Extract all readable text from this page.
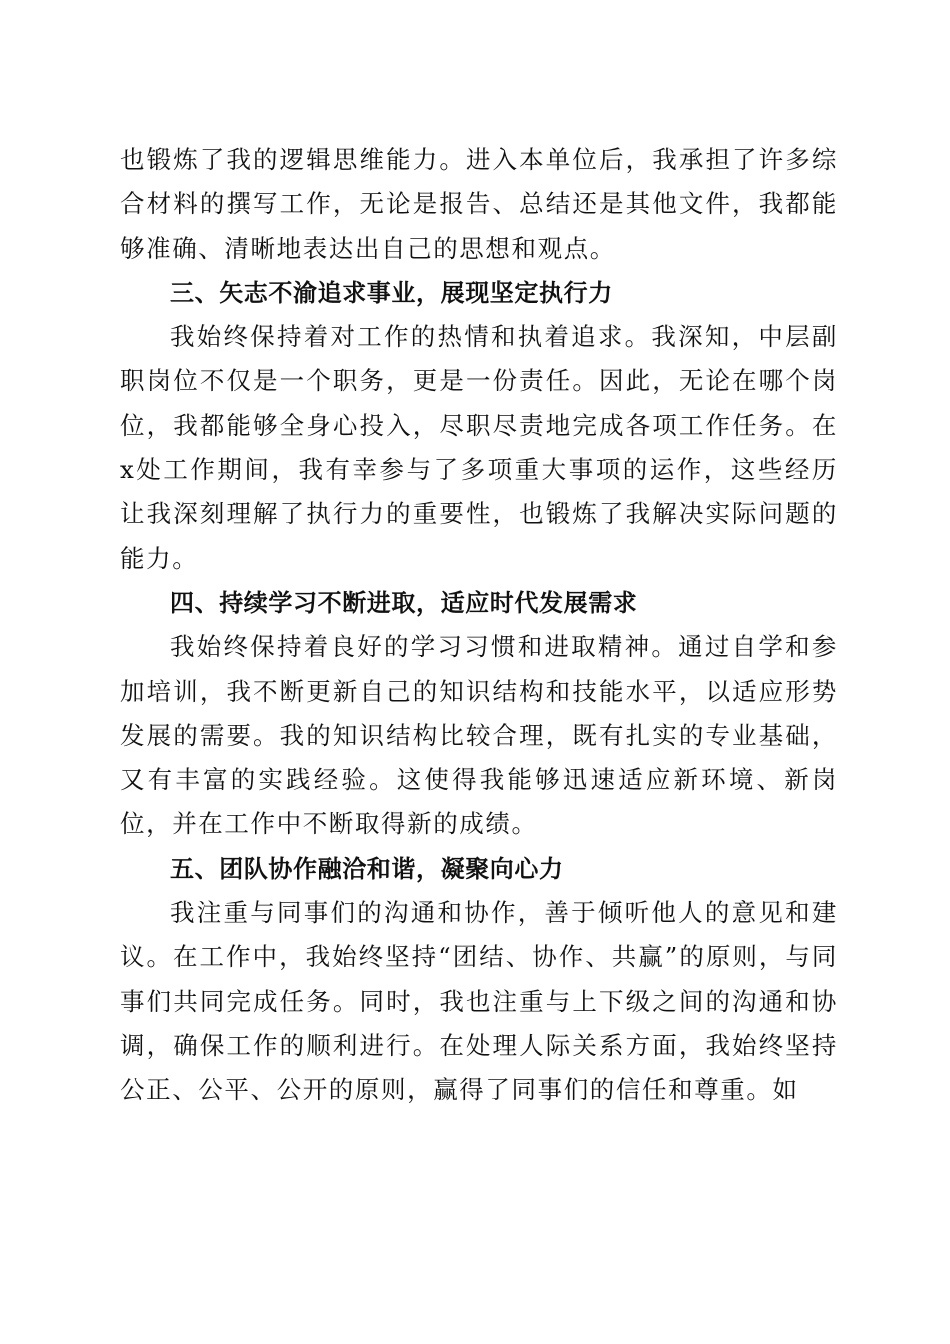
也锻炼了我的逻辑思维能力。进入本单位后，我承担了许多综合材料的撰写工作，无论是报告、总结还是其他文件，我都能够准确、清晰地表达出自己的思想和观点。

三、矢志不渝追求事业，展现坚定执行力

我始终保持着对工作的热情和执着追求。我深知，中层副职岗位不仅是一个职务，更是一份责任。因此，无论在哪个岗位，我都能够全身心投入，尽职尽责地完成各项工作任务。在x处工作期间，我有幸参与了多项重大事项的运作，这些经历让我深刻理解了执行力的重要性，也锻炼了我解决实际问题的能力。

四、持续学习不断进取，适应时代发展需求

我始终保持着良好的学习习惯和进取精神。通过自学和参加培训，我不断更新自己的知识结构和技能水平，以适应形势发展的需要。我的知识结构比较合理，既有扎实的专业基础，又有丰富的实践经验。这使得我能够迅速适应新环境、新岗位，并在工作中不断取得新的成绩。

五、团队协作融洽和谐，凝聚向心力

我注重与同事们的沟通和协作，善于倾听他人的意见和建议。在工作中，我始终坚持“团结、协作、共赢”的原则，与同事们共同完成任务。同时，我也注重与上下级之间的沟通和协调，确保工作的顺利进行。在处理人际关系方面，我始终坚持公正、公平、公开的原则，赢得了同事们的信任和尊重。如
